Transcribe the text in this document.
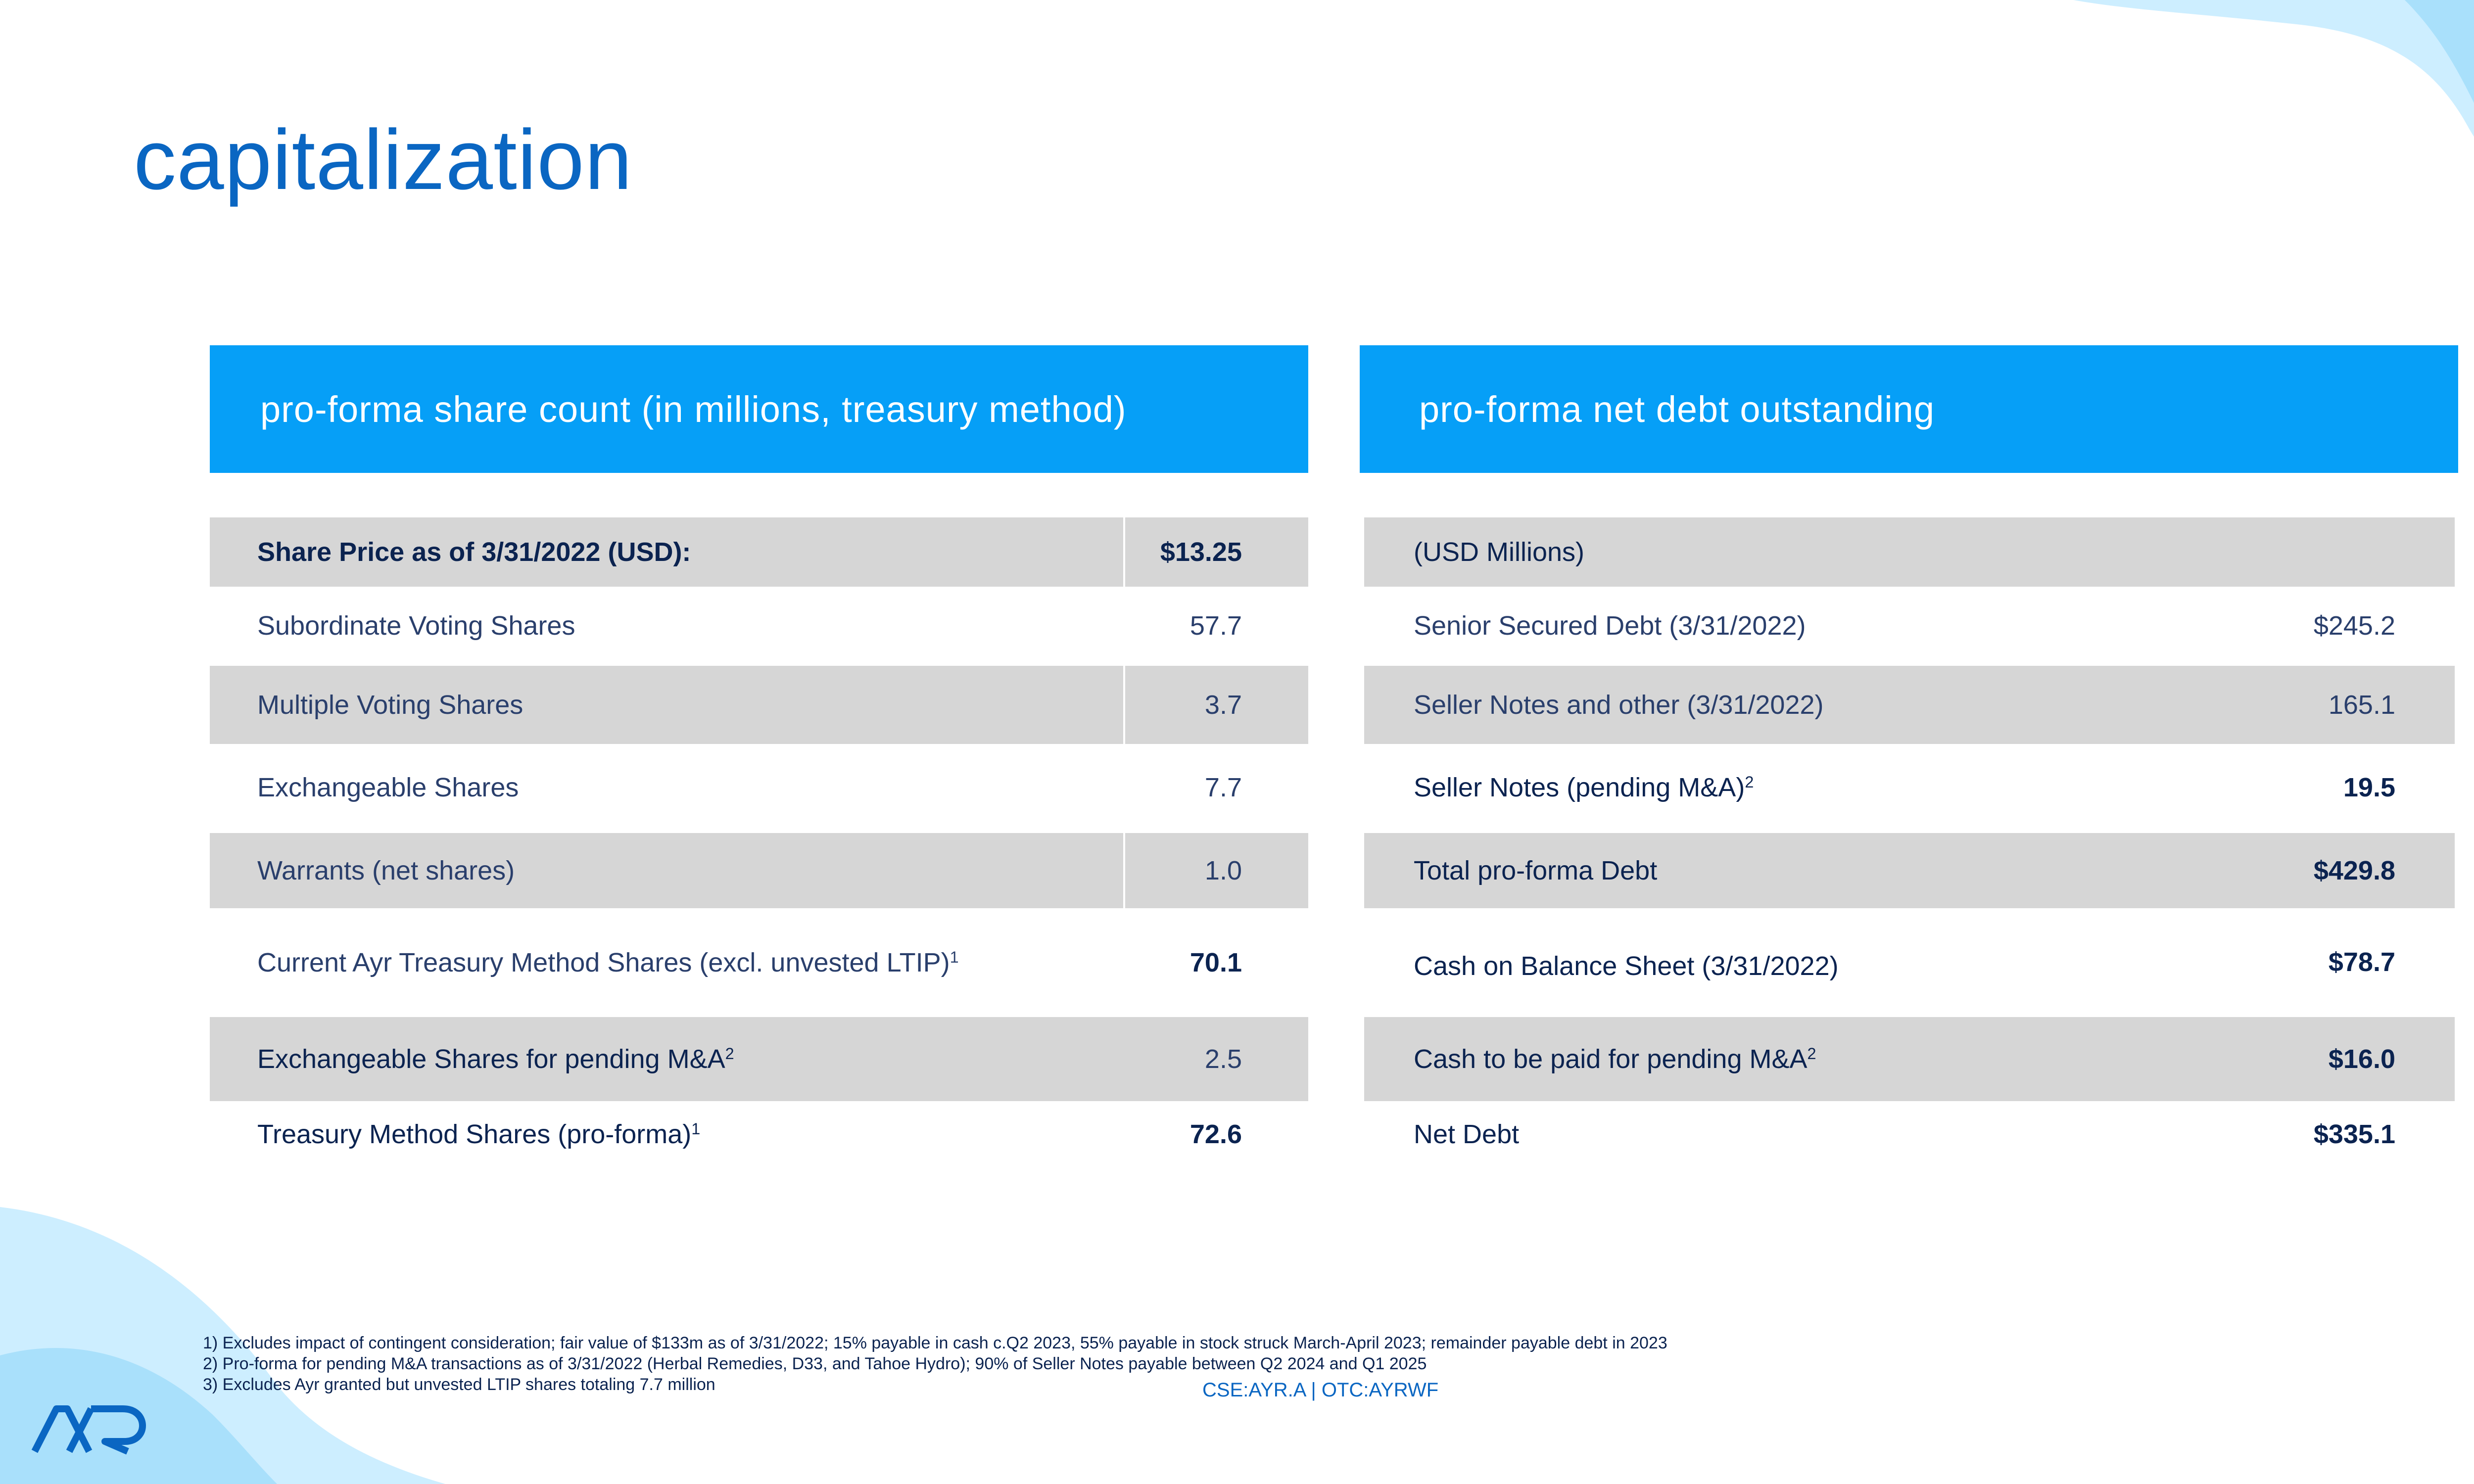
capitalization
pro-forma share count (in millions, treasury method)	pro-forma net debt outstanding
Share Price as of 3/31/2022 (USD):	$13.25
Subordinate Voting Shares	57.7
Multiple Voting Shares	3.7
Exchangeable Shares	7.7
Warrants (net shares)	1.0
Current Ayr Treasury Method Shares (excl. unvested LTIP)$^1$	70.1
Exchangeable Shares for pending $M\&A^2$	2.5
Treasury Method Shares (pro-forma)$^1$	72.6
(USD Millions)
Senior Secured Debt (3/31/2022)	$245.2
Seller Notes and other (3/31/2022)	165.1
Seller Notes (pending M&A)$^2$	19.5
Total pro-forma Debt	$429.8
Cash on Balance Sheet (3/31/2022)	$78.7
Cash to be paid for pending $M\&A^2$	$16.0
Net Debt	$335.1
1) Excludes impact of contingent consideration; fair value of $133m as of 3/31/2022; 15% payable in cash c.Q2 2023, 55% payable in stock struck March-April 2023; remainder payable debt in 2023
2) Pro-forma for pending M&A transactions as of 3/31/2022 (Herbal Remedies, D33, and Tahoe Hydro); 90% of Seller Notes payable between Q2 2024 and Q1 2025
3) Excludes Ayr granted but unvested LTIP shares totaling 7.7 million	CSE:AYR.A | OTC:AYRWF
